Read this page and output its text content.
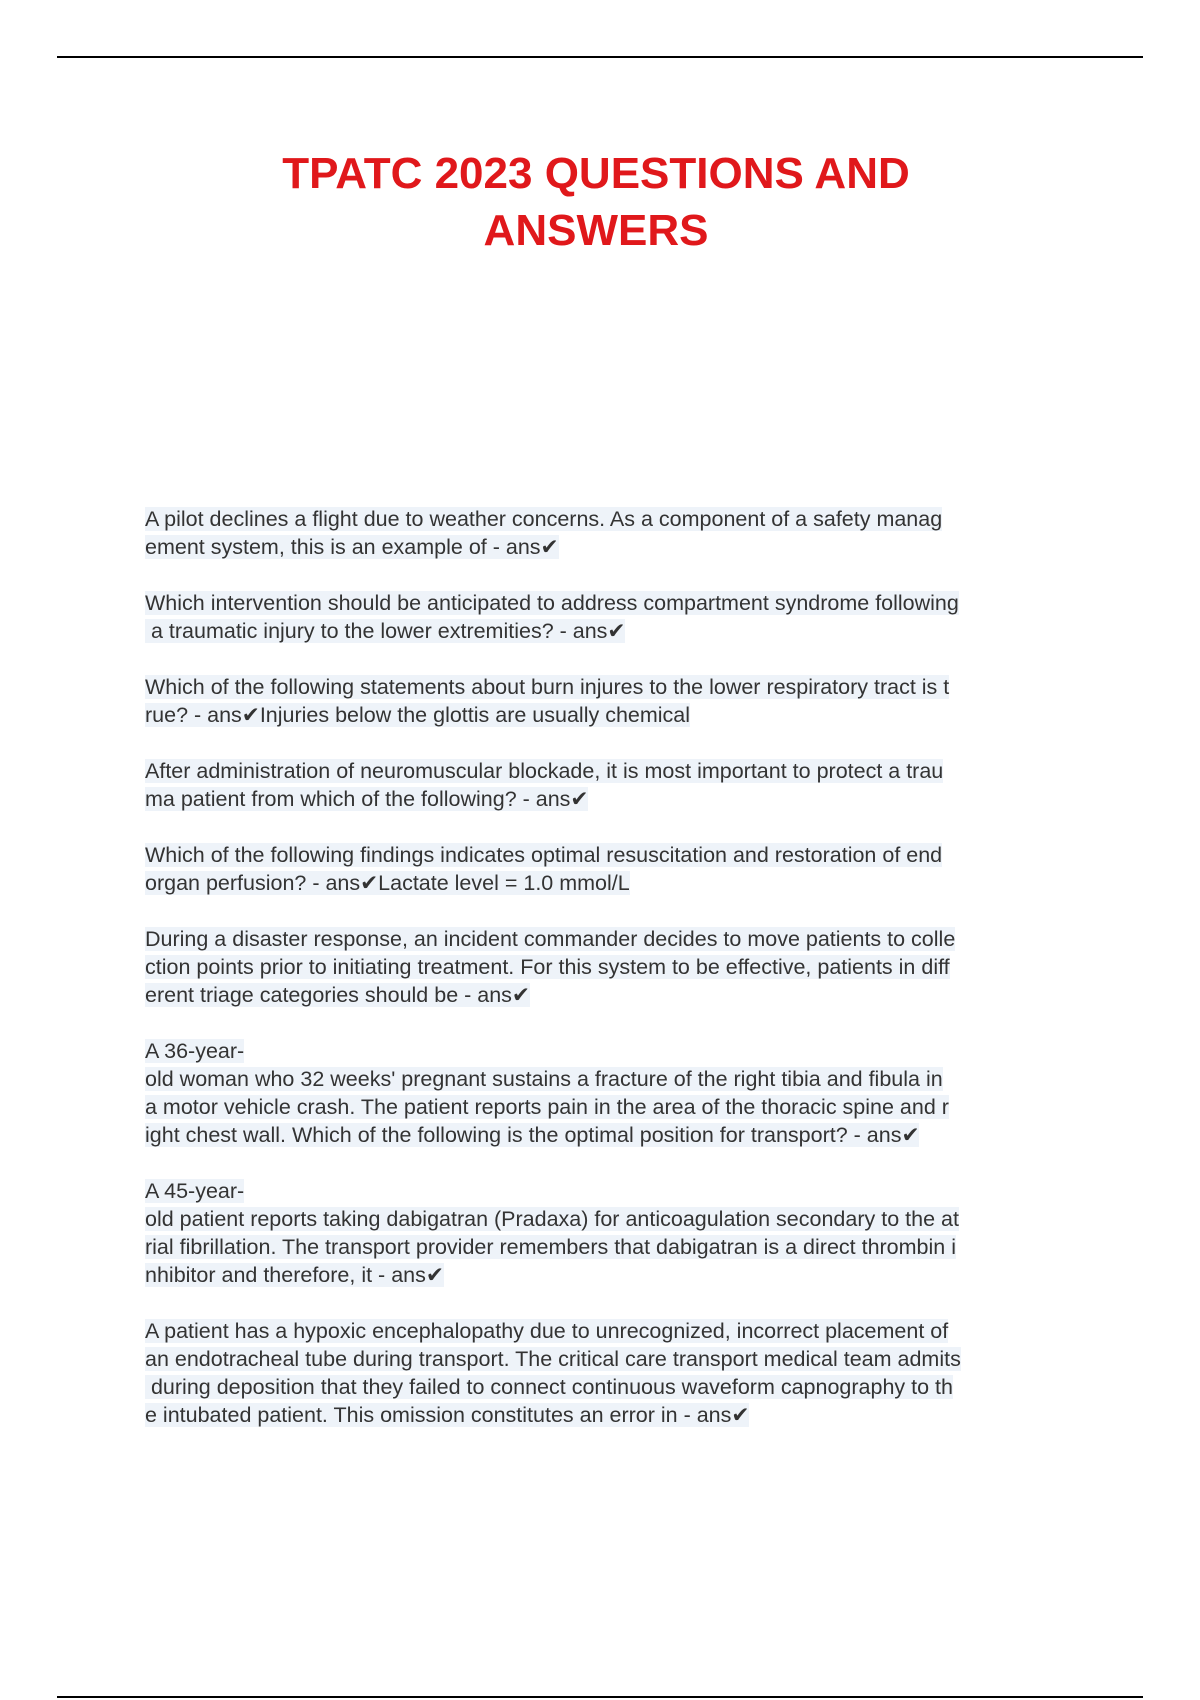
TPATC 2023 QUESTIONS AND
ANSWERS

A pilot declines a flight due to weather concerns. As a component of a safety manag
ement system, this is an example of - ans✔

Which intervention should be anticipated to address compartment syndrome following
a traumatic injury to the lower extremities? - ans✔

Which of the following statements about burn injures to the lower respiratory tract is t
rue? - ans✔Injuries below the glottis are usually chemical

After administration of neuromuscular blockade, it is most important to protect a trau
ma patient from which of the following? - ans✔

Which of the following findings indicates optimal resuscitation and restoration of end
organ perfusion? - ans✔Lactate level = 1.0 mmol/L

During a disaster response, an incident commander decides to move patients to colle
ction points prior to initiating treatment. For this system to be effective, patients in diff
erent triage categories should be - ans✔

A 36-year-
old woman who 32 weeks' pregnant sustains a fracture of the right tibia and fibula in
a motor vehicle crash. The patient reports pain in the area of the thoracic spine and r
ight chest wall. Which of the following is the optimal position for transport? - ans✔

A 45-year-
old patient reports taking dabigatran (Pradaxa) for anticoagulation secondary to the at
rial fibrillation. The transport provider remembers that dabigatran is a direct thrombin i
nhibitor and therefore, it - ans✔

A patient has a hypoxic encephalopathy due to unrecognized, incorrect placement of
an endotracheal tube during transport. The critical care transport medical team admits
during deposition that they failed to connect continuous waveform capnography to th
e intubated patient. This omission constitutes an error in - ans✔
